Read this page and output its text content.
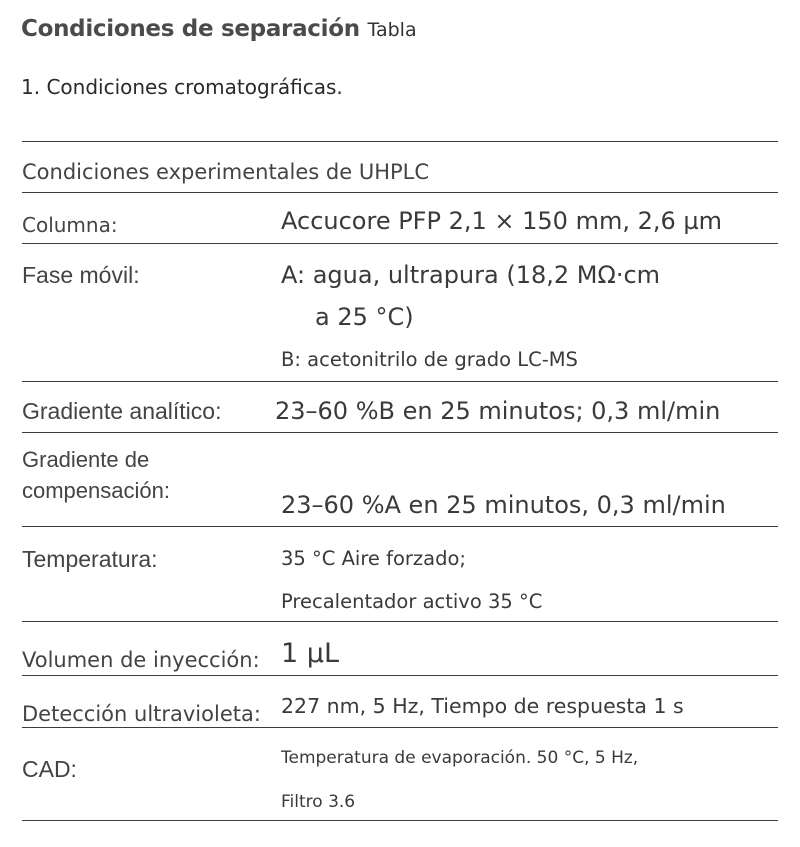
Condiciones de separación Tabla
1. Condiciones cromatográficas.
Condiciones experimentales de UHPLC
Columna:	Accucore PFP 2,1 × 150 mm, 2,6 µm
Fase móvil:	A: agua, ultrapura (18,2 MΩ·cm
a 25 °C)
B: acetonitrilo de grado LC-MS
Gradiente analítico: 23–60 %B en 25 minutos; 0,3 ml/min
Gradiente de
compensación:
23–60 %A en 25 minutos, 0,3 ml/min
Temperatura:	35 °C Aire forzado;
Precalentador activo 35 °C
Volumen de inyección: 1 µL
Detección ultravioleta: 227 nm, 5 Hz, Tiempo de respuesta 1 s
CAD:	Temperatura de evaporación. 50 °C, 5 Hz,
Filtro 3.6
